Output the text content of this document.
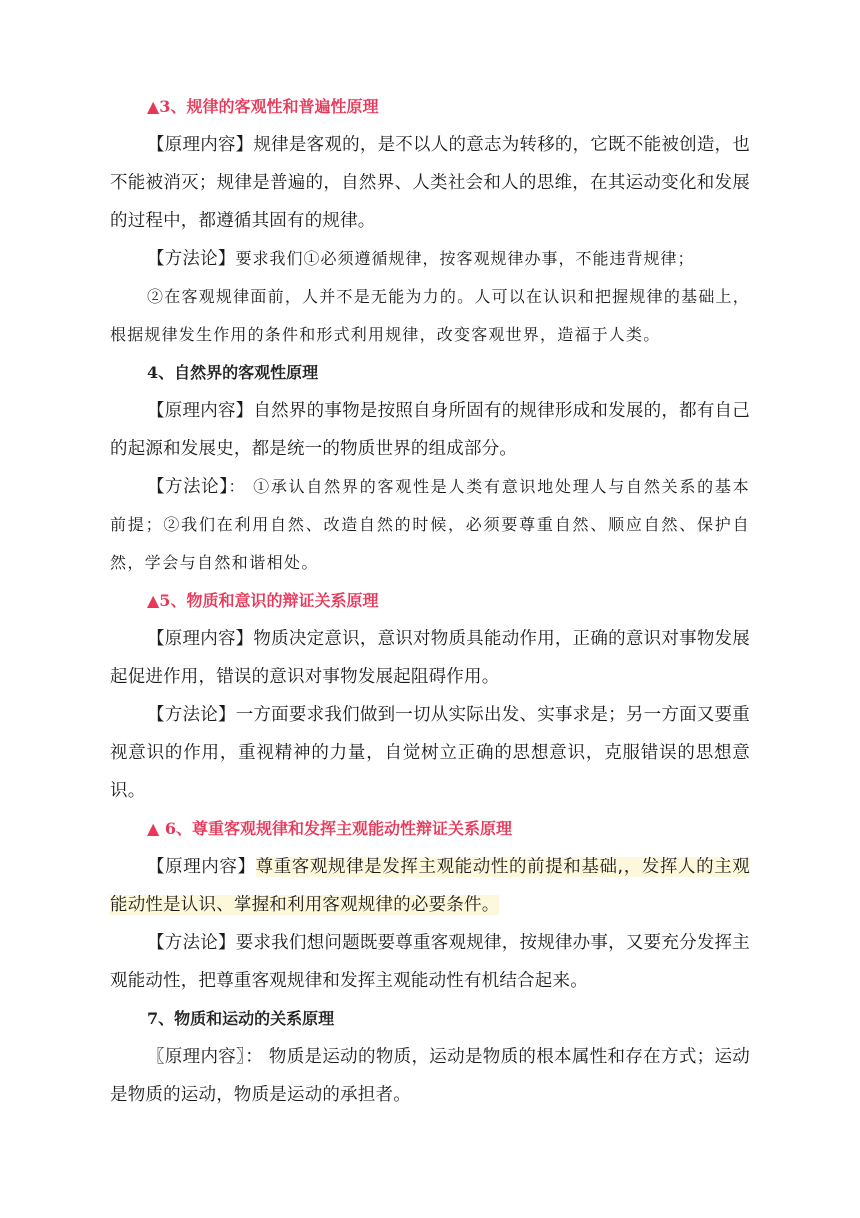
▲3、规律的客观性和普遍性原理

【原理内容】规律是客观的，是不以人的意志为转移的，它既不能被创造，也不能被消灭；规律是普遍的，自然界、人类社会和人的思维，在其运动变化和发展的过程中，都遵循其固有的规律。

【方法论】要求我们①必须遵循规律，按客观规律办事，不能违背规律；

②在客观规律面前，人并不是无能为力的。人可以在认识和把握规律的基础上，根据规律发生作用的条件和形式利用规律，改变客观世界，造福于人类。

4、自然界的客观性原理

【原理内容】自然界的事物是按照自身所固有的规律形成和发展的，都有自己的起源和发展史，都是统一的物质世界的组成部分。

【方法论】： ①承认自然界的客观性是人类有意识地处理人与自然关系的基本前提；②我们在利用自然、改造自然的时候，必须要尊重自然、顺应自然、保护自然，学会与自然和谐相处。

▲5、物质和意识的辩证关系原理

【原理内容】物质决定意识，意识对物质具能动作用，正确的意识对事物发展起促进作用，错误的意识对事物发展起阻碍作用。

【方法论】一方面要求我们做到一切从实际出发、实事求是；另一方面又要重视意识的作用，重视精神的力量，自觉树立正确的思想意识，克服错误的思想意识。

▲ 6、尊重客观规律和发挥主观能动性辩证关系原理

【原理内容】尊重客观规律是发挥主观能动性的前提和基础,，发挥人的主观能动性是认识、掌握和利用客观规律的必要条件。

【方法论】要求我们想问题既要尊重客观规律，按规律办事，又要充分发挥主观能动性，把尊重客观规律和发挥主观能动性有机结合起来。

7、物质和运动的关系原理

〖原理内容〗： 物质是运动的物质，运动是物质的根本属性和存在方式；运动是物质的运动，物质是运动的承担者。
